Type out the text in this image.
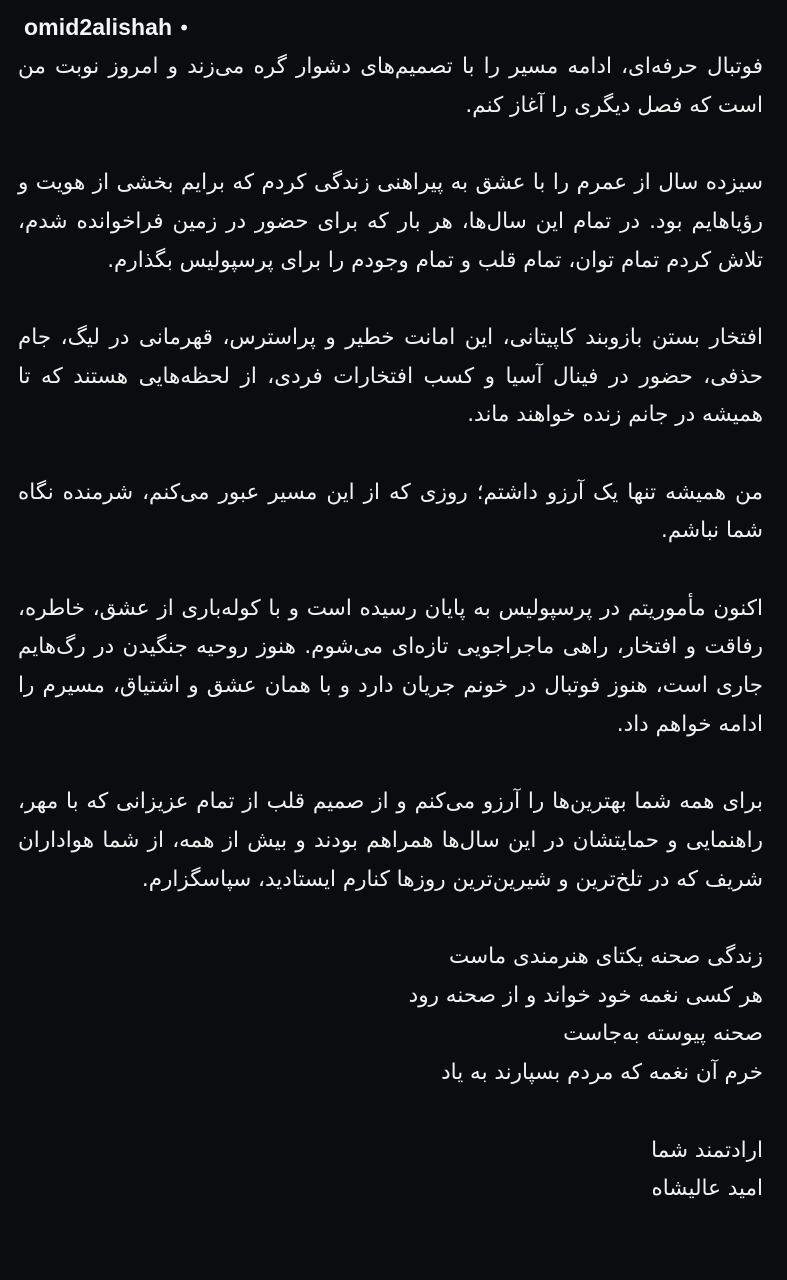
omid2alishah •

فوتبال حرفه‌ای، ادامه مسیر را با تصمیم‌های دشوار گره می‌زند و امروز نوبت من است که فصل دیگری را آغاز کنم.

سیزده سال از عمرم را با عشق به پیراهنی زندگی کردم که برایم بخشی از هویت و رؤیاهایم بود. در تمام این سال‌ها، هر بار که برای حضور در زمین فراخوانده شدم، تلاش کردم تمام توان، تمام قلب و تمام وجودم را برای پرسپولیس بگذارم.

افتخار بستن بازوبند کاپیتانی، این امانت خطیر و پراسترس، قهرمانی در لیگ، جام حذفی، حضور در فینال آسیا و کسب افتخارات فردی، از لحظه‌هایی هستند که تا همیشه در جانم زنده خواهند ماند.

من همیشه تنها یک آرزو داشتم؛ روزی که از این مسیر عبور می‌کنم، شرمنده نگاه شما نباشم.

اکنون مأموریتم در پرسپولیس به پایان رسیده است و با کوله‌باری از عشق، خاطره، رفاقت و افتخار، راهی ماجراجویی تازه‌ای می‌شوم. هنوز روحیه جنگیدن در رگ‌هایم جاری است، هنوز فوتبال در خونم جریان دارد و با همان عشق و اشتیاق، مسیرم را ادامه خواهم داد.

برای همه شما بهترین‌ها را آرزو می‌کنم و از صمیم قلب از تمام عزیزانی که با مهر، راهنمایی و حمایتشان در این سال‌ها همراهم بودند و بیش از همه، از شما هواداران شریف که در تلخ‌ترین و شیرین‌ترین روزها کنارم ایستادید، سپاسگزارم.

زندگی صحنه یکتای هنرمندی ماست
هر کسی نغمه خود خواند و از صحنه رود
صحنه پیوسته به‌جاست
خرم آن نغمه که مردم بسپارند به یاد
ارادتمند شما
امید عالیشاه
